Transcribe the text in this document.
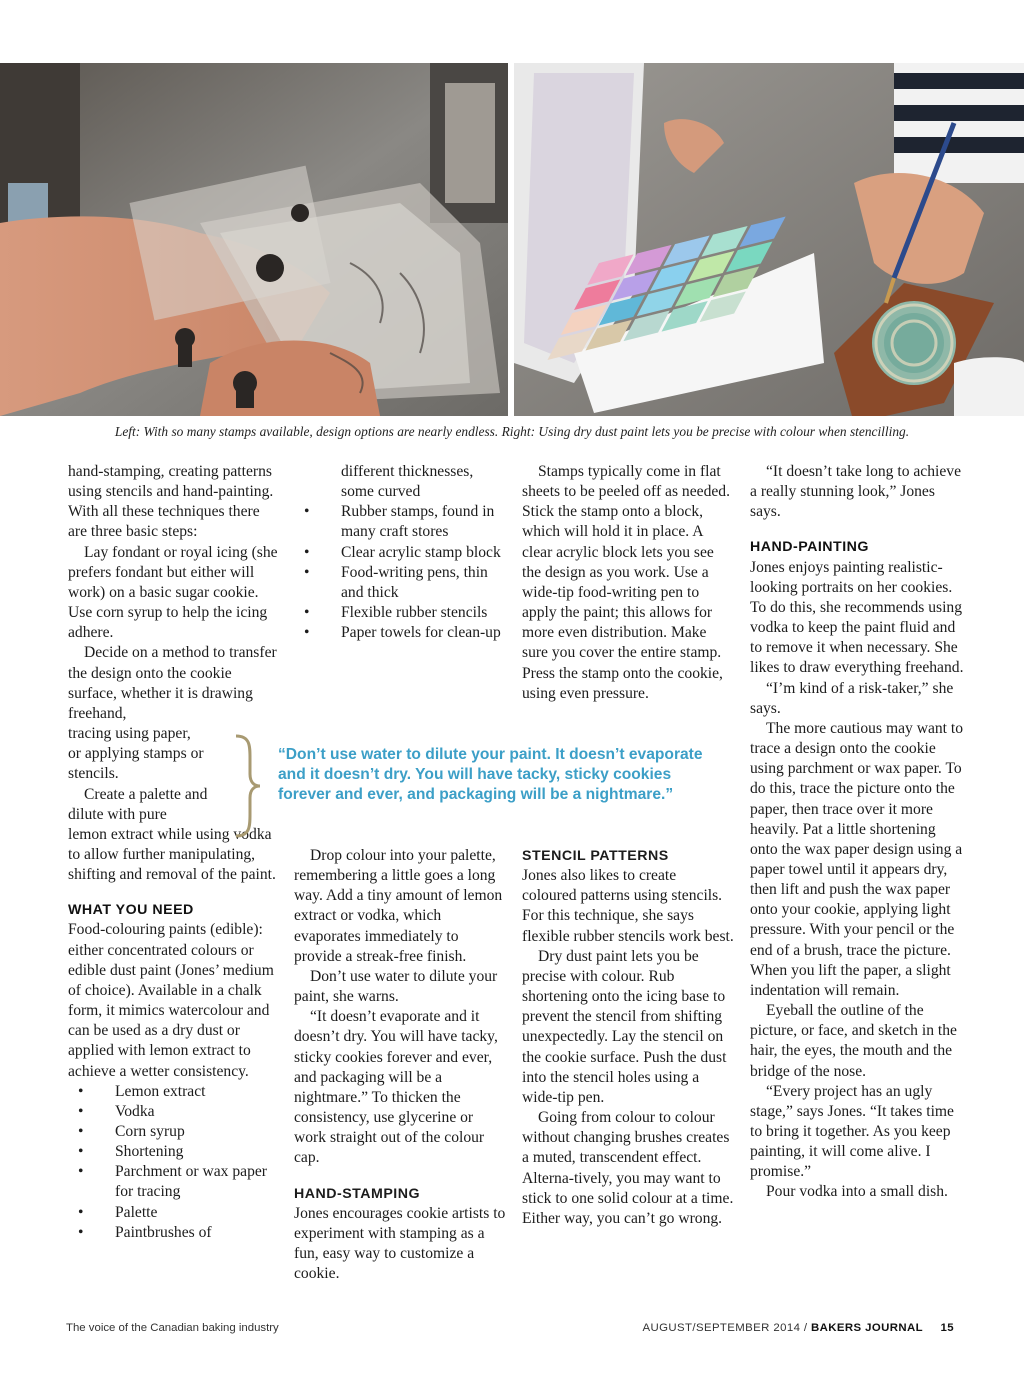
Left: With so many stamps available, design options are nearly endless. Right: Using dry dust paint lets you be precise with colour when stencilling.

hand-stamping, creating patterns using stencils and hand-painting. With all these techniques there are three basic steps:

Lay fondant or royal icing (she prefers fondant but either will work) on a basic sugar cookie. Use corn syrup to help the icing adhere.

Decide on a method to transfer the design onto the cookie surface, whether it is drawing freehand,

tracing using paper,

or applying stamps or

stencils.

Create a palette and

dilute with pure

lemon extract while using vodka to allow further manipulating, shifting and removal of the paint.

WHAT YOU NEED

Food-colouring paints (edible): either concentrated colours or edible dust paint (Jones’ medium of choice). Available in a chalk form, it mimics watercolour and can be used as a dry dust or applied with lemon extract to achieve a wetter consistency.

• Lemon extract
• Vodka
• Corn syrup
• Shortening
• Parchment or wax paper for tracing
• Palette
• Paintbrushes of
different thicknesses, some curved
• Rubber stamps, found in many craft stores
• Clear acrylic stamp block
• Food-writing pens, thin and thick
• Flexible rubber stencils
• Paper towels for clean-up
“Don’t use water to dilute your paint. It doesn’t evaporate and it doesn’t dry. You will have tacky, sticky cookies forever and ever, and packaging will be a nightmare.”

Drop colour into your palette, remembering a little goes a long way. Add a tiny amount of lemon extract or vodka, which evaporates immediately to provide a streak-free finish.

Don’t use water to dilute your paint, she warns.

“It doesn’t evaporate and it doesn’t dry. You will have tacky, sticky cookies forever and ever, and packaging will be a nightmare.” To thicken the consistency, use glycerine or work straight out of the colour cap.

HAND-STAMPING

Jones encourages cookie artists to experiment with stamping as a fun, easy way to customize a cookie.

Stamps typically come in flat sheets to be peeled off as needed. Stick the stamp onto a block, which will hold it in place. A clear acrylic block lets you see the design as you work. Use a wide-tip food-writing pen to apply the paint; this allows for more even distribution. Make sure you cover the entire stamp. Press the stamp onto the cookie, using even pressure.

STENCIL PATTERNS

Jones also likes to create coloured patterns using stencils. For this technique, she says flexible rubber stencils work best.

Dry dust paint lets you be precise with colour. Rub shortening onto the icing base to prevent the stencil from shifting unexpectedly. Lay the stencil on the cookie surface. Push the dust into the stencil holes using a wide-tip pen.

Going from colour to colour without changing brushes creates a muted, transcendent effect. Alterna-tively, you may want to stick to one solid colour at a time. Either way, you can’t go wrong.

“It doesn’t take long to achieve a really stunning look,” Jones says.

HAND-PAINTING

Jones enjoys painting realistic-looking portraits on her cookies. To do this, she recommends using vodka to keep the paint fluid and to remove it when necessary. She likes to draw everything freehand.

“I’m kind of a risk-taker,” she says.

The more cautious may want to trace a design onto the cookie using parchment or wax paper. To do this, trace the picture onto the paper, then trace over it more heavily. Pat a little shortening onto the wax paper design using a paper towel until it appears dry, then lift and push the wax paper onto your cookie, applying light pressure. With your pencil or the end of a brush, trace the picture. When you lift the paper, a slight indentation will remain.

Eyeball the outline of the picture, or face, and sketch in the hair, the eyes, the mouth and the bridge of the nose.

“Every project has an ugly stage,” says Jones. “It takes time to bring it together. As you keep painting, it will come alive. I promise.”

Pour vodka into a small dish.

The voice of the Canadian baking industry	AUGUST/SEPTEMBER 2014 / BAKERS JOURNAL 15
